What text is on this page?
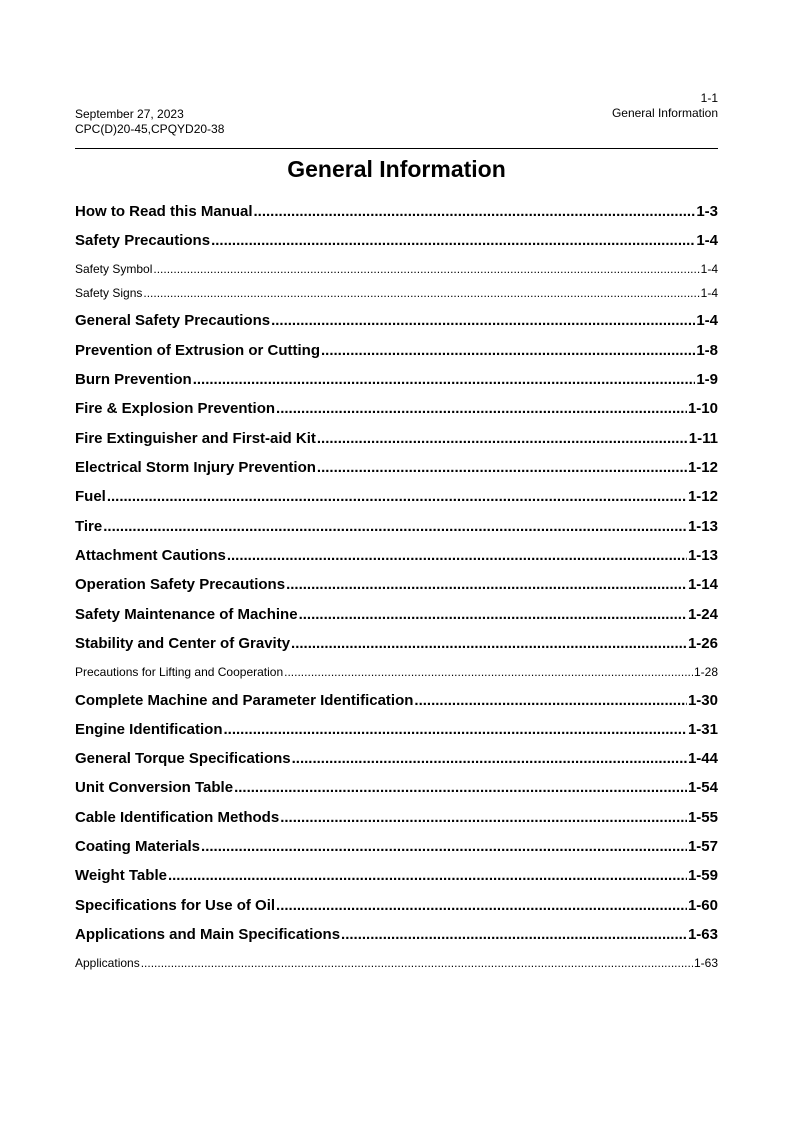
September 27, 2023
CPC(D)20-45,CPQYD20-38
1-1
General Information
General Information
How to Read this Manual .....	1-3
Safety Precautions .....	1-4
Safety Symbol .....	1-4
Safety Signs .....	1-4
General Safety Precautions .....	1-4
Prevention of Extrusion or Cutting .....	1-8
Burn Prevention .....	1-9
Fire & Explosion Prevention .....	1-10
Fire Extinguisher and First-aid Kit .....	1-11
Electrical Storm Injury Prevention .....	1-12
Fuel .....	1-12
Tire .....	1-13
Attachment Cautions .....	1-13
Operation Safety Precautions .....	1-14
Safety Maintenance of Machine .....	1-24
Stability and Center of Gravity .....	1-26
Precautions for Lifting and Cooperation .....	1-28
Complete Machine and Parameter Identification .....	1-30
Engine Identification .....	1-31
General Torque Specifications .....	1-44
Unit Conversion Table .....	1-54
Cable Identification Methods .....	1-55
Coating Materials .....	1-57
Weight Table .....	1-59
Specifications for Use of Oil .....	1-60
Applications and Main Specifications .....	1-63
Applications .....	1-63
